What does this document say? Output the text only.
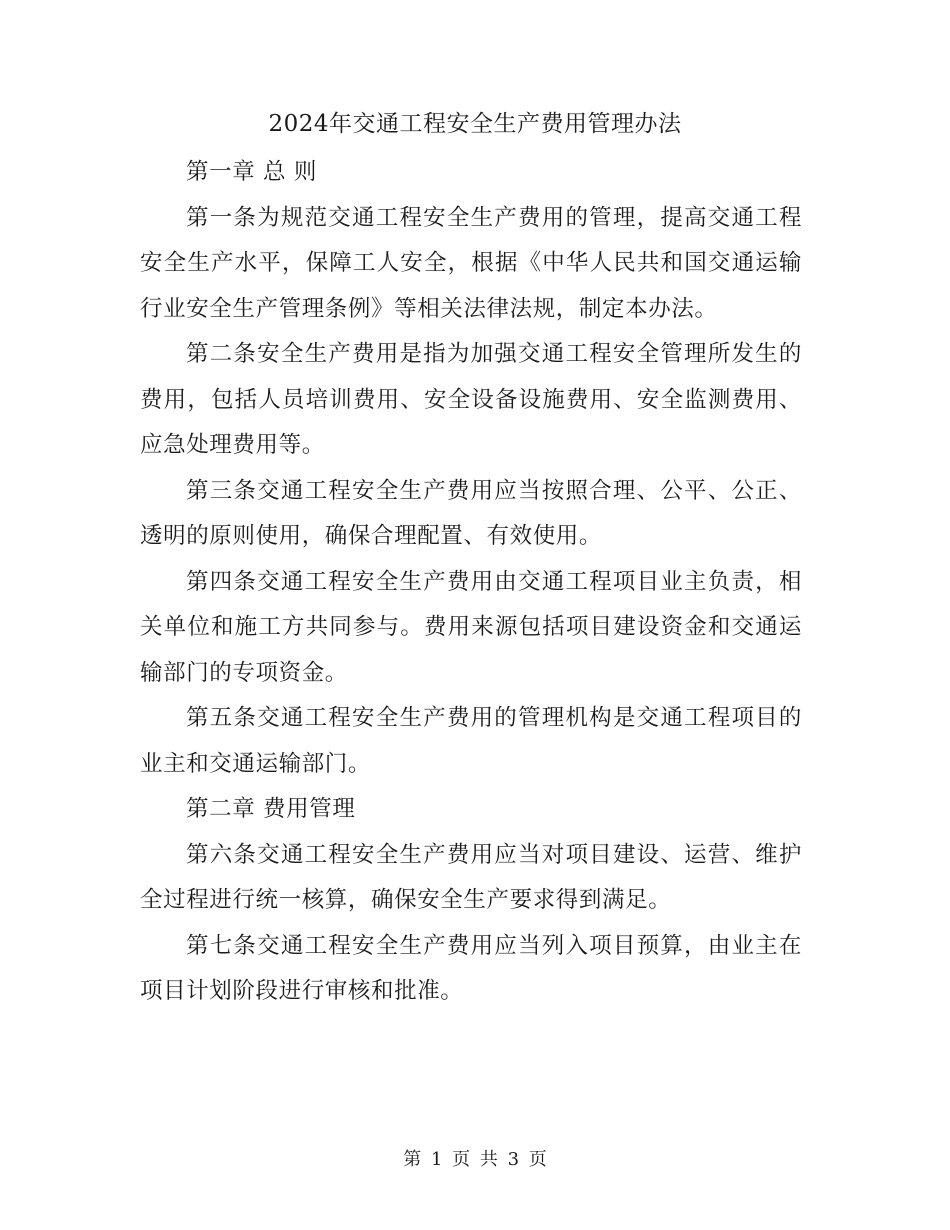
2024年交通工程安全生产费用管理办法

第一章 总 则

第一条为规范交通工程安全生产费用的管理，提高交通工程安全生产水平，保障工人安全，根据《中华人民共和国交通运输行业安全生产管理条例》等相关法律法规，制定本办法。

第二条安全生产费用是指为加强交通工程安全管理所发生的费用，包括人员培训费用、安全设备设施费用、安全监测费用、应急处理费用等。

第三条交通工程安全生产费用应当按照合理、公平、公正、透明的原则使用，确保合理配置、有效使用。

第四条交通工程安全生产费用由交通工程项目业主负责，相关单位和施工方共同参与。费用来源包括项目建设资金和交通运输部门的专项资金。

第五条交通工程安全生产费用的管理机构是交通工程项目的业主和交通运输部门。

第二章 费用管理

第六条交通工程安全生产费用应当对项目建设、运营、维护全过程进行统一核算，确保安全生产要求得到满足。

第七条交通工程安全生产费用应当列入项目预算，由业主在项目计划阶段进行审核和批准。

第 1 页 共 3 页
